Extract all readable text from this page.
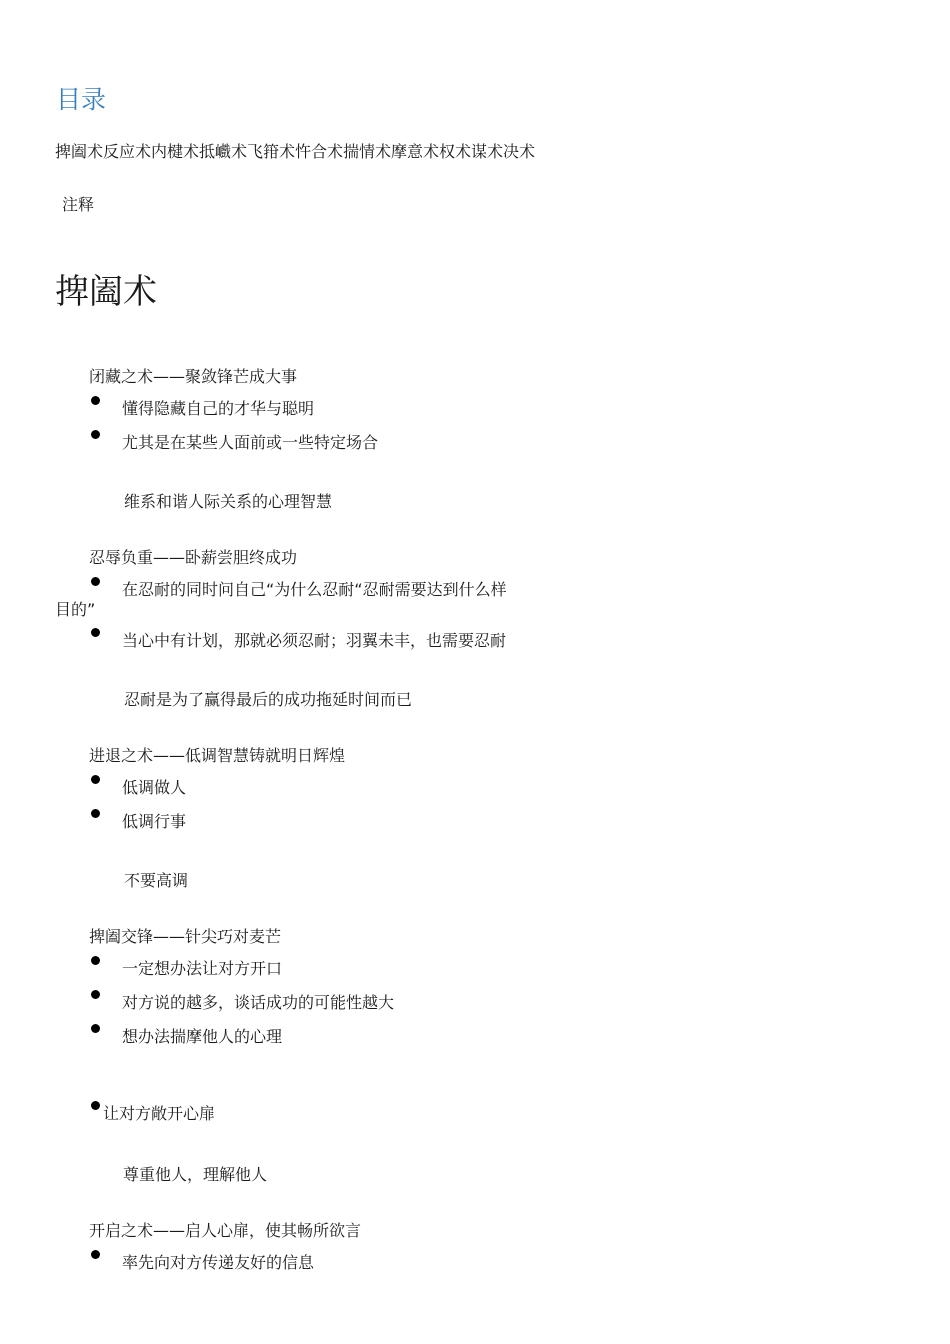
目录
捭阖术反应术内楗术抵巇术飞箝术忤合术揣情术摩意术权术谋术决术
注释
捭阖术
闭藏之术——聚敛锋芒成大事
懂得隐藏自己的才华与聪明
尤其是在某些人面前或一些特定场合
维系和谐人际关系的心理智慧
忍辱负重——卧薪尝胆终成功
在忍耐的同时问自己“为什么忍耐“忍耐需要达到什么样
目的”
当心中有计划，那就必须忍耐；羽翼未丰，也需要忍耐
忍耐是为了赢得最后的成功拖延时间而已
进退之术——低调智慧铸就明日辉煌
低调做人
低调行事
不要高调
捭阖交锋——针尖巧对麦芒
一定想办法让对方开口
对方说的越多，谈话成功的可能性越大
想办法揣摩他人的心理
让对方敞开心扉
尊重他人，理解他人
开启之术——启人心扉，使其畅所欲言
率先向对方传递友好的信息
